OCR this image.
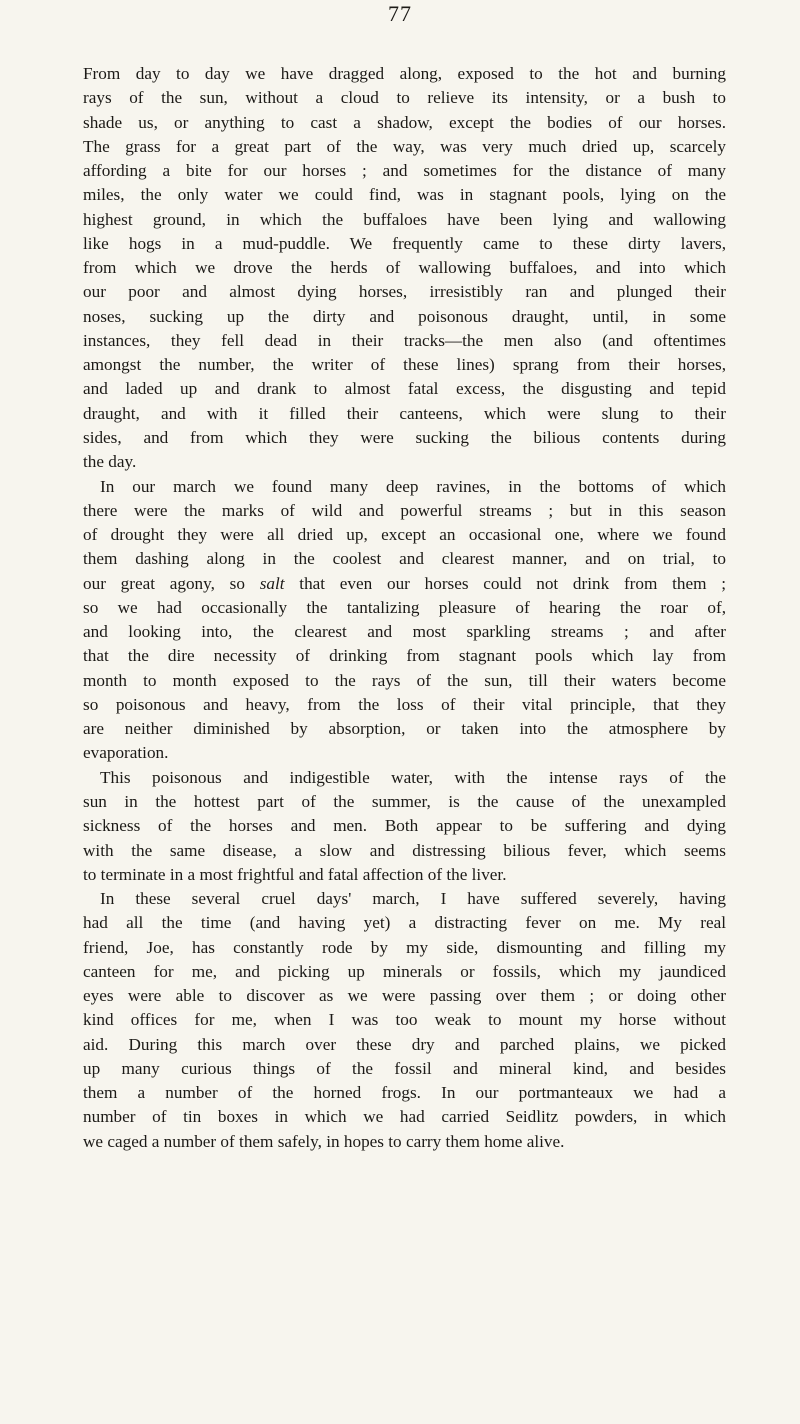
77
From day to day we have dragged along, exposed to the hot and burning
rays of the sun, without a cloud to relieve its intensity, or a bush to
shade us, or anything to cast a shadow, except the bodies of our horses.
The grass for a great part of the way, was very much dried up, scarcely
affording a bite for our horses ; and sometimes for the distance of many
miles, the only water we could find, was in stagnant pools, lying on the
highest ground, in which the buffaloes have been lying and wallowing
like hogs in a mud-puddle. We frequently came to these dirty lavers,
from which we drove the herds of wallowing buffaloes, and into which
our poor and almost dying horses, irresistibly ran and plunged their
noses, sucking up the dirty and poisonous draught, until, in some
instances, they fell dead in their tracks—the men also (and oftentimes
amongst the number, the writer of these lines) sprang from their horses,
and laded up and drank to almost fatal excess, the disgusting and tepid
draught, and with it filled their canteens, which were slung to their
sides, and from which they were sucking the bilious contents during
the day.
In our march we found many deep ravines, in the bottoms of which
there were the marks of wild and powerful streams ; but in this season
of drought they were all dried up, except an occasional one, where we found
them dashing along in the coolest and clearest manner, and on trial, to
our great agony, so salt that even our horses could not drink from them ;
so we had occasionally the tantalizing pleasure of hearing the roar of,
and looking into, the clearest and most sparkling streams ; and after
that the dire necessity of drinking from stagnant pools which lay from
month to month exposed to the rays of the sun, till their waters become
so poisonous and heavy, from the loss of their vital principle, that they
are neither diminished by absorption, or taken into the atmosphere by
evaporation.
This poisonous and indigestible water, with the intense rays of the
sun in the hottest part of the summer, is the cause of the unexampled
sickness of the horses and men. Both appear to be suffering and dying
with the same disease, a slow and distressing bilious fever, which seems
to terminate in a most frightful and fatal affection of the liver.
In these several cruel days' march, I have suffered severely, having
had all the time (and having yet) a distracting fever on me. My real
friend, Joe, has constantly rode by my side, dismounting and filling my
canteen for me, and picking up minerals or fossils, which my jaundiced
eyes were able to discover as we were passing over them ; or doing other
kind offices for me, when I was too weak to mount my horse without
aid. During this march over these dry and parched plains, we picked
up many curious things of the fossil and mineral kind, and besides
them a number of the horned frogs. In our portmanteaux we had a
number of tin boxes in which we had carried Seidlitz powders, in which
we caged a number of them safely, in hopes to carry them home alive.
